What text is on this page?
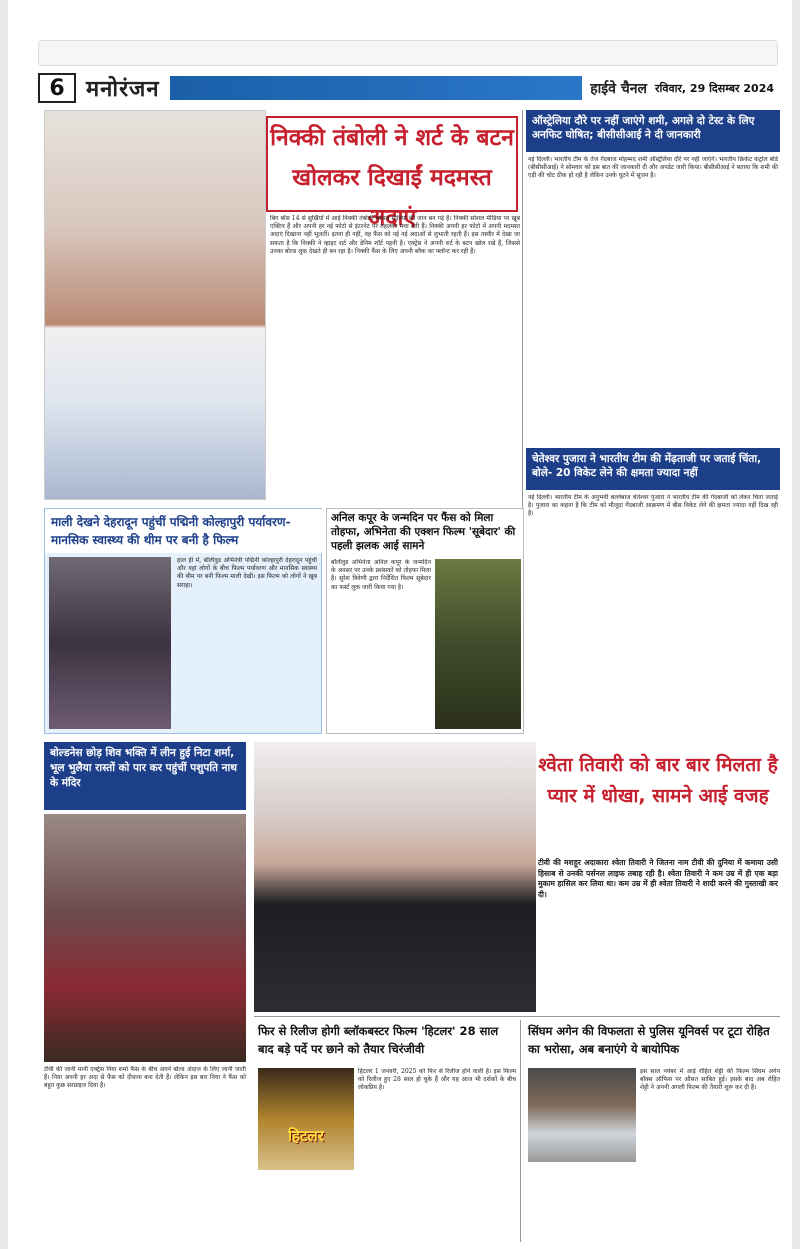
6 मनोरंजन	हाईवे चैनल रविवार, 29 दिसम्बर 2024
निक्की तंबोली ने शर्ट के बटन खोलकर दिखाईं मदमस्त अदाएं
बिग बॉस 14 से सुर्खियों में आई निक्की तंबोली सोशल मीडिया की जान बन गई हैं। निक्की सोशल मीडिया पर खूब एक्टिव हैं और अपनी हर नई फोटो से इंटरनेट पर तहलका मचा देती हैं। निक्की अपनी हर फोटो में अपनी मदमस्त अदाएं दिखाना नहीं भूलतीं। इतना ही नहीं, वह फैंस को नई नई अदाओं से लुभाती रहती हैं। इस तस्वीर में देखा जा सकता है कि निक्की ने व्हाइट शर्ट और डेनिम शॉर्ट पहनी है। एक्ट्रेस ने अपनी शर्ट के बटन खोल रखे हैं, जिससे उनका बोल्ड लुक देखते ही बन रहा है। निक्की फैंस के लिए अपनी ब्लैक का फ्लॉन्ट कर रही हैं।
ऑस्ट्रेलिया दौरे पर नहीं जाएंगे शमी, अगले दो टेस्ट के लिए अनफिट घोषित; बीसीसीआई ने दी जानकारी
नई दिल्ली। भारतीय टीम के तेज गेंदबाज मोहम्मद शमी ऑस्ट्रेलिया दौरे पर नहीं जाएंगे। भारतीय क्रिकेट कंट्रोल बोर्ड (बीसीसीआई) ने सोमवार को इस बात की जानकारी दी और अपडेट जारी किया। बीसीसीआई ने बताया कि शमी की एड़ी की चोट ठीक हो रही है लेकिन उनके घुटने में सूजन है।
चेतेश्वर पुजारा ने भारतीय टीम की मेंढ़ताजी पर जताई चिंता, बोले- 20 विकेट लेने की क्षमता ज्यादा नहीं
नई दिल्ली। भारतीय टीम के अनुभवी बल्लेबाज चेतेश्वर पुजारा ने भारतीय टीम की गेंदबाजी को लेकर चिंता जताई है। पुजारा का कहना है कि टीम को मौजूदा गेंदबाजी आक्रमण में बीस विकेट लेने की क्षमता ज्यादा नहीं दिख रही है।
माली देखने देहरादून पहुंचीं पद्मिनी कोल्हापुरी पर्यावरण-मानसिक स्वास्थ्य की थीम पर बनी है फिल्म
हाल ही में, बॉलीवुड अभिनेत्री पद्मिनी कोल्हापुरी देहरादून पहुंचीं और वहां लोगों के बीच फिल्म पर्यावरण और मानसिक स्वास्थ्य की थीम पर बनी फिल्म माली देखी। इस फिल्म को लोगों ने खूब सराहा।
अनिल कपूर के जन्मदिन पर फैंस को मिला तोहफा, अभिनेता की एक्शन फिल्म 'सूबेदार' की पहली झलक आई सामने
बॉलीवुड अभिनेता अनिल कपूर के जन्मदिन के अवसर पर उनके प्रशंसकों को तोहफा मिला है। सुरेश त्रिवेणी द्वारा निर्देशित फिल्म सूबेदार का फर्स्ट लुक जारी किया गया है।
बोल्डनेस छोड़ शिव भक्ति में लीन हुई निटा शर्मा, भूल भुलैया रास्तों को पार कर पहुंचीं पशुपति नाथ के मंदिर
टीवी की जानी मानी एक्ट्रेस निया शर्मा फैंस के बीच अपने बोल्ड अंदाज के लिए जानी जाती हैं। निया अपनी हर अदा से फैंस को दीवाना बना देती हैं। लेकिन इस बार निया ने फैंस को बहुत कुछ सरप्राइज दिया है।
श्वेता तिवारी को बार बार मिलता है प्यार में धोखा, सामने आई वजह
टीवी की मशहूर अदाकारा श्वेता तिवारी ने जितना नाम टीवी की दुनिया में कमाया उसी हिसाब से उनकी पर्सनल लाइफ तबाह रही है। श्वेता तिवारी ने कम उम्र में ही एक बड़ा मुकाम हासिल कर लिया था। कम उम्र में ही श्वेता तिवारी ने शादी करने की गुस्ताखी कर दी।
फिर से रिलीज होगी ब्लॉकबस्टर फिल्म 'हिटलर' 28 साल बाद बड़े पर्दे पर छाने को तैयार चिरंजीवी
हिटलर
हिटलर 1 जनवरी, 2025 को फिर से रिलीज होने वाली है। इस फिल्म को रिलीज हुए 28 साल हो चुके हैं और यह आज भी दर्शकों के बीच लोकप्रिय है।
सिंघम अगेन की विफलता से पुलिस यूनिवर्स पर टूटा रोहित का भरोसा, अब बनाएंगे ये बायोपिक
इस साल नवंबर में आई रोहित शेट्टी की फिल्म सिंघम अगेन बॉक्स ऑफिस पर औसत साबित हुई। इसके बाद अब रोहित शेट्टी ने अपनी अगली फिल्म की तैयारी शुरू कर दी है।
